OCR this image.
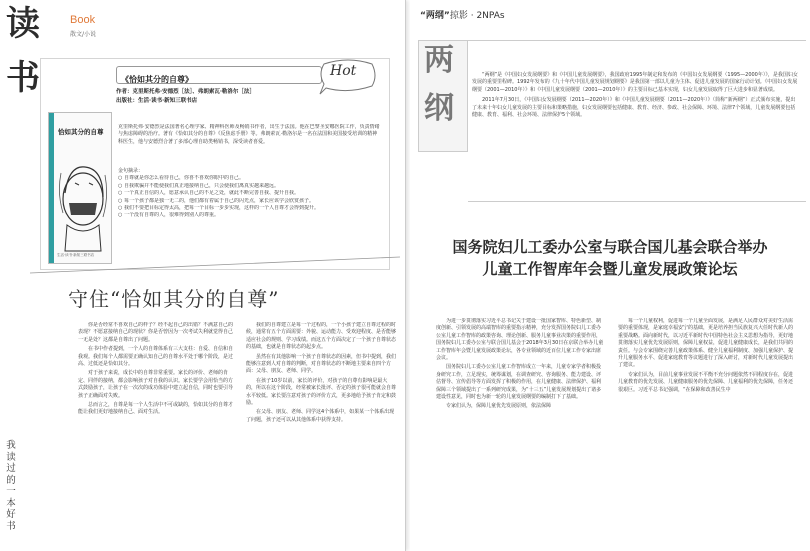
读
书
Book
散文/小说
我
读
过
的
一
本
好
书
恰如其分的自尊
生活·读书·新知三联书店
《恰如其分的自尊》
Hot
作者：克里斯托弗·安德烈［法］、弗朗索瓦·勒洛尔［法］
出版社：生活·读书·新知三联书店
克里斯托弗·安德烈是法国著名心理学家、精神科医师及畅销书作者，出生于法国。他在巴黎圣安娜医院工作，负责情绪与焦虑障碍的治疗。著有《恰如其分的自尊》《反焦虑手册》等。弗朗索瓦·勒洛尔是一名在法国和美国接受培训的精神科医生，他与安德烈合著了多部心理自助类畅销书，深受读者喜爱。
金句摘录：
○ 自尊就是你怎么看待自己，你喜不喜欢你眼中的自己。
○ 自我欺骗并不能使我们真正地接纳自己，只会使我们离真实越来越远。
○ 一个真正自信的人，愿意承认自己的不足之处，就此不断完善自我、提升自我。
○ 每一个孩子都是独一无二的，他们都有着属于自己的闪光点，家长应该学会欣赏孩子。
○ 我们不要把目标定得太高，把每一个目标一步步实现，这样的一个人自尊才会得到提升。
○ 一个没有自尊的人，很难得到别人的尊重。
守住“恰如其分的自尊”

你是否经常不喜欢自己的样子？经不起自己的出错？不满意自己的表现？不愿意接纳自己的现状？你是否曾因为一次考试失利就觉得自己一无是处？这都是自尊出了问题。

在书中作者提到，一个人的自尊体系有三大支柱：自爱、自信和自我观。我们每个人都需要正确认知自己的自尊水平处于哪个阶段，是过高、过低还是恰如其分。

对于孩子来说，成长中的自尊非常重要。家长的评价、老师的肯定、同伴的接纳，都会影响孩子对自我的认识。家长要学会用恰当的方式鼓励孩子，让孩子在一次次的成功体验中建立起自信，同时也要引导孩子正确面对失败。

总而言之，自尊是每一个人生活中不可或缺的，恰如其分的自尊才能让我们更好地接纳自己、面对生活。

我们的自尊建立是每一个过程的，一个小孩子建立自尊过程的时候，通常有五个方面需要：外貌、运动能力、受欢迎程度、是否能够适应社会的规则、学习成绩。而这五个方面决定了一个孩子自尊状态的基础，也就是自尊状态的起步点。

虽然在有其他影响一个孩子自尊状态的因素，但书中提到，我们能够注意到人对自尊的判断，对自尊状态的不断地主要来自四个方面：父母、朋友、老师、同学。

在孩子10岁以前，家长的评价，对孩子的自尊有影响是最大的，所以在这个阶段，经常被家长批评、否定的孩子很可能就会自尊水平较低。家长要注意对孩子的评价方式，更多地给予孩子肯定和鼓励。

在父母、朋友、老师、同学这4个体系中，如果某一个体系出现了问题，孩子还可以从其他体系中获得支持。

“两纲”掠影 · 2NPAs
两
纲

“两纲”是《中国妇女发展纲要》和《中国儿童发展纲要》，我国政府1995年制定和发布的《中国妇女发展纲要（1995—2000年）》，是我国妇女发展的重要里程碑。1992年发布的《九十年代中国儿童发展规划纲要》是我国第一部以儿童为主体、促进儿童发展的国家行动计划。《中国妇女发展纲要（2001—2010年）》和《中国儿童发展纲要（2001—2010年）》的主要目标已基本实现，妇女儿童发展取得了巨大进步和显著成绩。

2011年7月30日，《中国妇女发展纲要（2011—2020年）》和《中国儿童发展纲要（2011—2020年）》（简称“新两纲”）正式颁布实施，提出了未来十年妇女儿童发展的主要目标和策略措施，妇女发展纲要包括健康、教育、经济、参政、社会保障、环境、法律7个领域，儿童发展纲要包括健康、教育、福利、社会环境、法律保护5个领域。

国务院妇儿工委办公室与联合国儿基会联合举办
儿童工作智库年会暨儿童发展政策论坛

为进一步贯彻落实习近平总书记关于建设一批国家智库、特色新型、制度创新、引领发展的高端智库的重要指示精神，充分发挥国务院妇儿工委办公室儿童工作智库的政策咨询、理论创新、服务儿童事业决策的重要作用，国务院妇儿工委办公室与联合国儿基会于2018年3月30日在京联合举办儿童工作智库年会暨儿童发展政策论坛，各专业领域的近百位儿童工作专家出席会议。

国务院妇儿工委办公室儿童工作智库成立一年来，儿童专家学者积极投身研究工作，立足现实，统筹谋划，在调查研究、咨询服务、能力建设、评估督导、宣传倡导等方面发挥了积极的作用，在儿童健康、法律保护、福利保障三个领域提出了一系列研究成果，为“十三五”儿童发展规划提出了诸多建设性意见，同时也为新一轮的儿童发展纲要的编制打下了基础。

专家们认为，保障儿童优先发展原则，依法保障

每一个儿童权利，促进每一个儿童全面发展，是满足人民群众对美好生活需要的重要体现，是家庭幸福安宁的基础，更是培养担当民族复兴大任时代新人的重要战略。面向新时代，以习近平新时代中国特色社会主义思想为指导，更好地贯彻落实儿童优先发展原则，保障儿童权益，促进儿童健康成长，是我们共同的责任。与会专家围绕完善儿童政策体系、健全儿童福利制度、加强儿童保护、提升儿童服务水平、促进家庭教育等议题进行了深入研讨，对新时代儿童发展提出了建议。

专家们认为，目前儿童事业发展不平衡不充分问题依然不同程度存在，促进儿童教育的优先发展、儿童健康服务的优先保障、儿童福利的优先保障，任务还很艰巨。习近平总书记强调，“在保障和改善民生中
